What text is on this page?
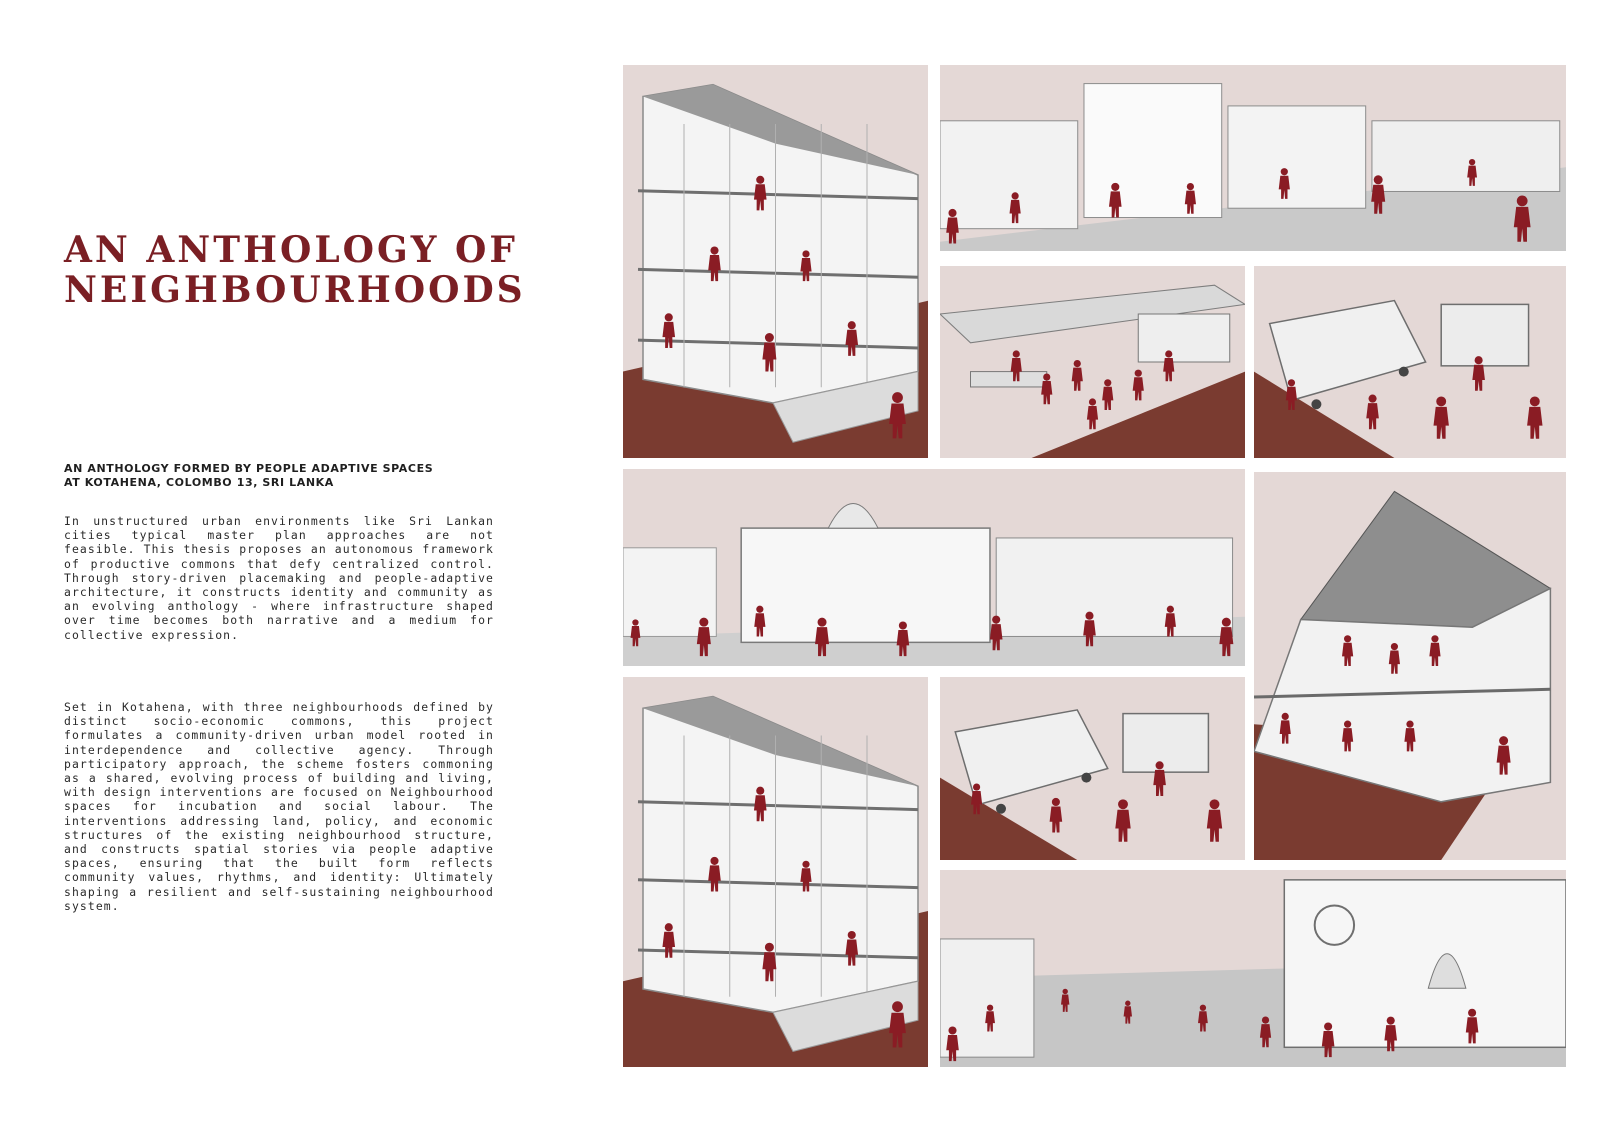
AN ANTHOLOGY OF
NEIGHBOURHOODS
AN ANTHOLOGY FORMED BY PEOPLE ADAPTIVE SPACES
AT KOTAHENA, COLOMBO 13, SRI LANKA

In unstructured urban environments like Sri Lankan cities typical master plan approaches are not feasible. This thesis proposes an autonomous framework of productive commons that defy centralized control. Through story-driven placemaking and people-adaptive architecture, it constructs identity and community as an evolving anthology - where infrastructure shaped over time becomes both narrative and a medium for collective expression.

Set in Kotahena, with three neighbourhoods defined by distinct socio-economic commons, this project formulates a community-driven urban model rooted in interdependence and collective agency. Through participatory approach, the scheme fosters commoning as a shared, evolving process of building and living, with design interventions are focused on Neighbourhood spaces for incubation and social labour. The interventions addressing land, policy, and economic structures of the existing neighbourhood structure, and constructs spatial stories via people adaptive spaces, ensuring that the built form reflects community values, rhythms, and identity: Ultimately shaping a resilient and self-sustaining neighbourhood system.
